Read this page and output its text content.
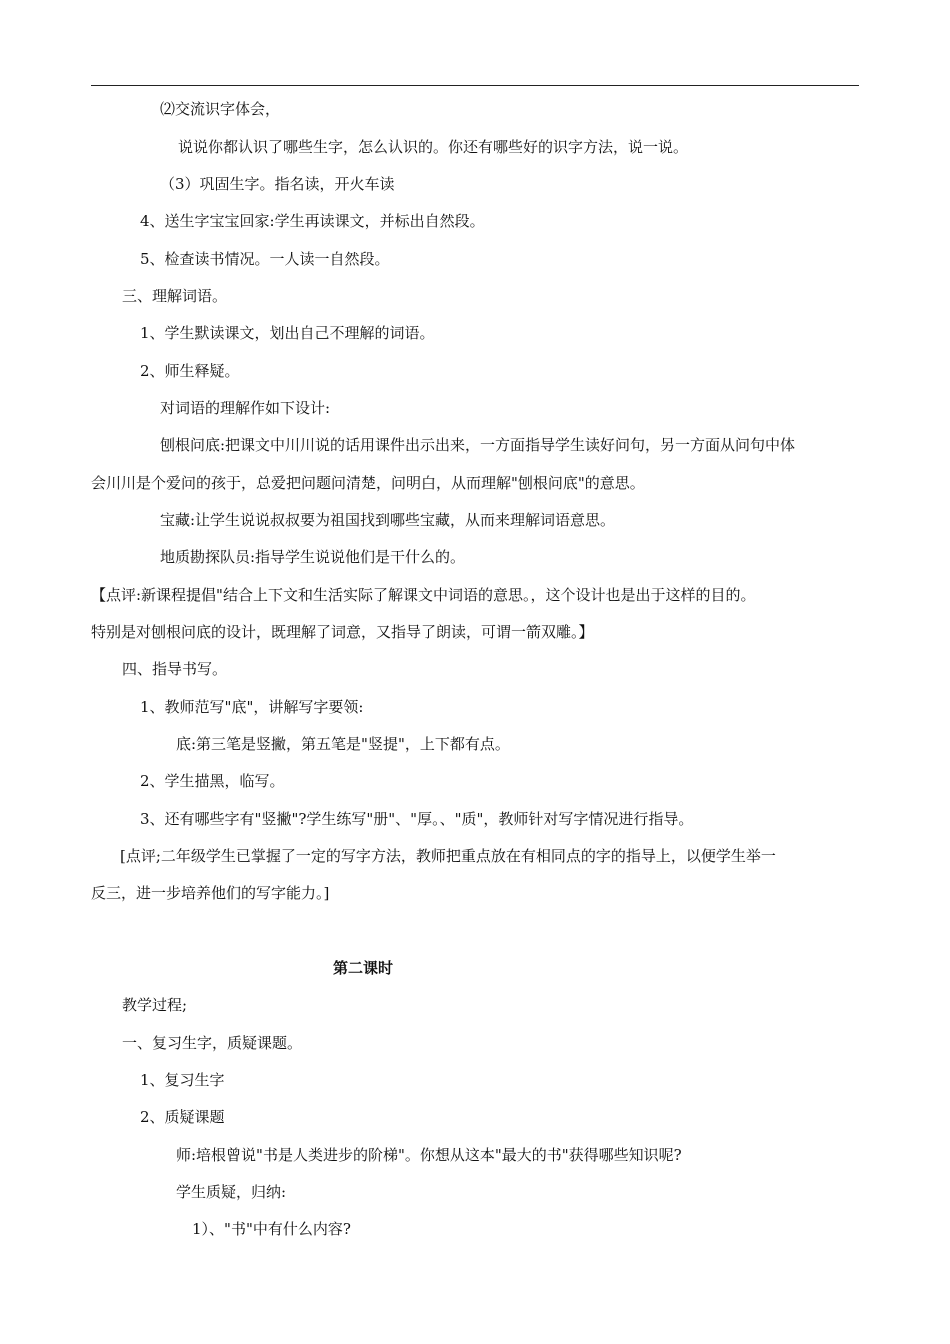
⑵交流识字体会，
说说你都认识了哪些生字，怎么认识的。你还有哪些好的识字方法，说一说。
（3）巩固生字。指名读，开火车读
4、送生字宝宝回家:学生再读课文，并标出自然段。
5、检查读书情况。一人读一自然段。
三、理解词语。
1、学生默读课文，划出自己不理解的词语。
2、师生释疑。
对词语的理解作如下设计:
刨根问底:把课文中川川说的话用课件出示出来，一方面指导学生读好问句，另一方面从问句中体
会川川是个爱问的孩于，总爱把问题问清楚，问明白，从而理解"刨根问底"的意思。
宝藏:让学生说说叔叔要为祖国找到哪些宝藏，从而来理解词语意思。
地质勘探队员:指导学生说说他们是干什么的。
【点评:新课程提倡"结合上下文和生活实际了解课文中词语的意思。，这个设计也是出于这样的目的。
特别是对刨根问底的设计，既理解了词意，又指导了朗读，可谓一箭双雕。】
四、指导书写。
1、教师范写"底"，讲解写字要领:
底:第三笔是竖撇，第五笔是"竖提"，上下都有点。
2、学生描黑，临写。
3、还有哪些字有"竖撇"?学生练写"册"、"厚。、"质"，教师针对写字情况进行指导。
[点评;二年级学生已掌握了一定的写字方法，教师把重点放在有相同点的字的指导上，以便学生举一
反三，进一步培养他们的写字能力。]
第二课时
教学过程;
一、复习生字，质疑课题。
1、复习生字
2、质疑课题
师:培根曾说"书是人类进步的阶梯"。你想从这本"最大的书"获得哪些知识呢?
学生质疑，归纳:
1）、"书"中有什么内容?
